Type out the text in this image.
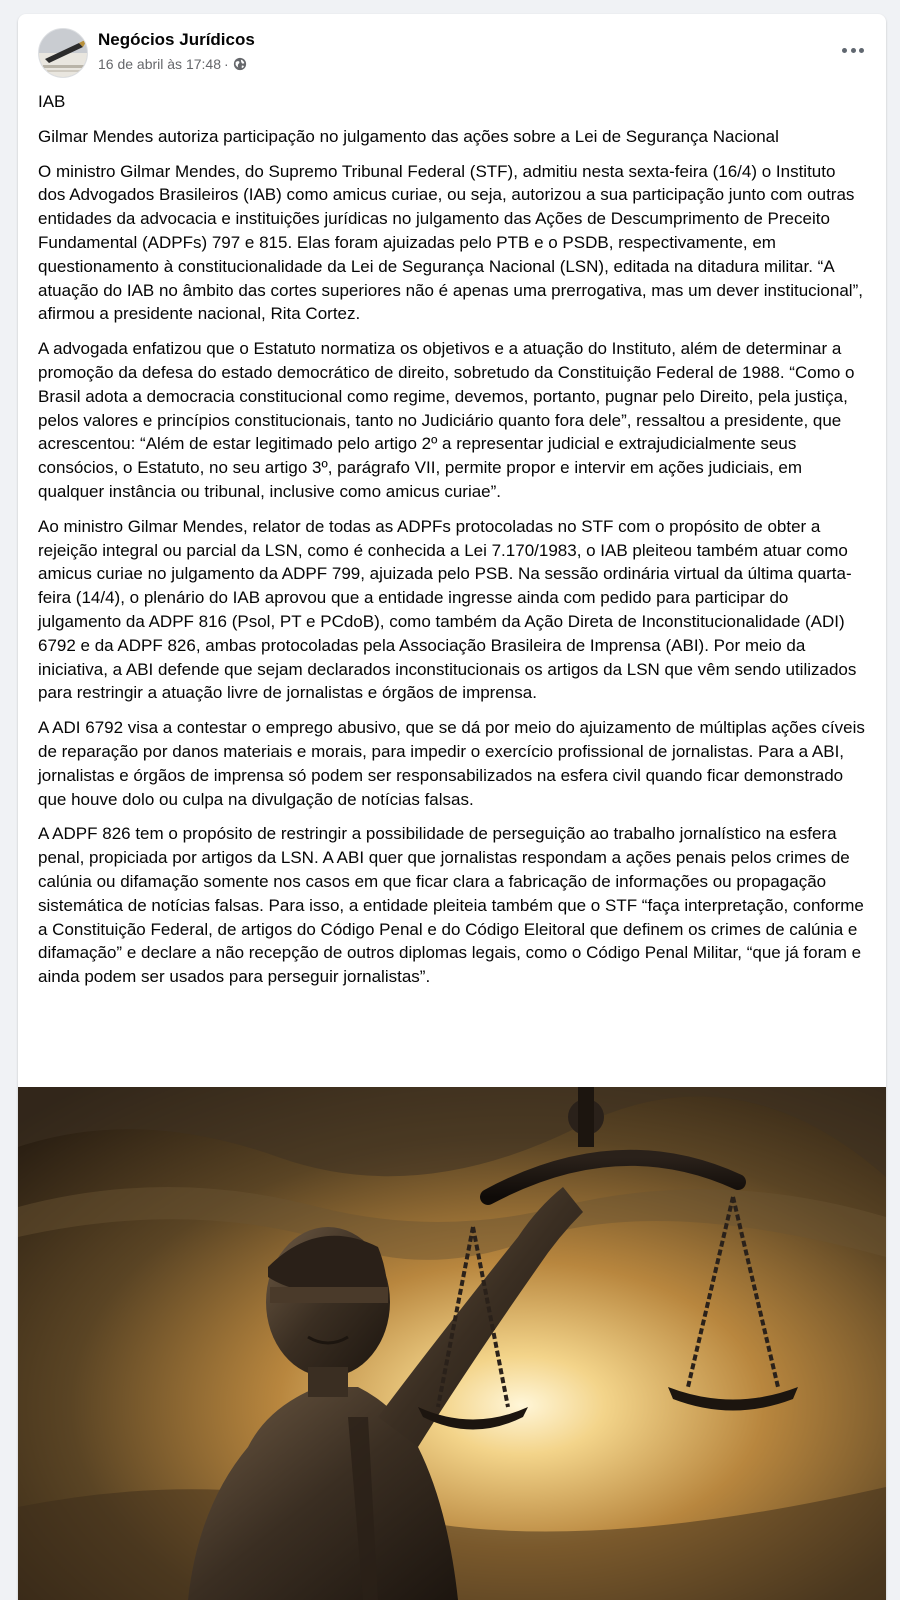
Negócios Jurídicos
16 de abril às 17:48 ·

IAB

Gilmar Mendes autoriza participação no julgamento das ações sobre a Lei de Segurança Nacional

O ministro Gilmar Mendes, do Supremo Tribunal Federal (STF), admitiu nesta sexta-feira (16/4) o Instituto dos Advogados Brasileiros (IAB) como amicus curiae, ou seja, autorizou a sua participação junto com outras entidades da advocacia e instituições jurídicas no julgamento das Ações de Descumprimento de Preceito Fundamental (ADPFs) 797 e 815. Elas foram ajuizadas pelo PTB e o PSDB, respectivamente, em questionamento à constitucionalidade da Lei de Segurança Nacional (LSN), editada na ditadura militar. “A atuação do IAB no âmbito das cortes superiores não é apenas uma prerrogativa, mas um dever institucional”, afirmou a presidente nacional, Rita Cortez.

A advogada enfatizou que o Estatuto normatiza os objetivos e a atuação do Instituto, além de determinar a promoção da defesa do estado democrático de direito, sobretudo da Constituição Federal de 1988. “Como o Brasil adota a democracia constitucional como regime, devemos, portanto, pugnar pelo Direito, pela justiça, pelos valores e princípios constitucionais, tanto no Judiciário quanto fora dele”, ressaltou a presidente, que acrescentou: “Além de estar legitimado pelo artigo 2º a representar judicial e extrajudicialmente seus consócios, o Estatuto, no seu artigo 3º, parágrafo VII, permite propor e intervir em ações judiciais, em qualquer instância ou tribunal, inclusive como amicus curiae”.

Ao ministro Gilmar Mendes, relator de todas as ADPFs protocoladas no STF com o propósito de obter a rejeição integral ou parcial da LSN, como é conhecida a Lei 7.170/1983, o IAB pleiteou também atuar como amicus curiae no julgamento da ADPF 799, ajuizada pelo PSB. Na sessão ordinária virtual da última quarta-feira (14/4), o plenário do IAB aprovou que a entidade ingresse ainda com pedido para participar do julgamento da ADPF 816 (Psol, PT e PCdoB), como também da Ação Direta de Inconstitucionalidade (ADI) 6792 e da ADPF 826, ambas protocoladas pela Associação Brasileira de Imprensa (ABI). Por meio da iniciativa, a ABI defende que sejam declarados inconstitucionais os artigos da LSN que vêm sendo utilizados para restringir a atuação livre de jornalistas e órgãos de imprensa.

A ADI 6792 visa a contestar o emprego abusivo, que se dá por meio do ajuizamento de múltiplas ações cíveis de reparação por danos materiais e morais, para impedir o exercício profissional de jornalistas. Para a ABI, jornalistas e órgãos de imprensa só podem ser responsabilizados na esfera civil quando ficar demonstrado que houve dolo ou culpa na divulgação de notícias falsas.

A ADPF 826 tem o propósito de restringir a possibilidade de perseguição ao trabalho jornalístico na esfera penal, propiciada por artigos da LSN. A ABI quer que jornalistas respondam a ações penais pelos crimes de calúnia ou difamação somente nos casos em que ficar clara a fabricação de informações ou propagação sistemática de notícias falsas. Para isso, a entidade pleiteia também que o STF “faça interpretação, conforme a Constituição Federal, de artigos do Código Penal e do Código Eleitoral que definem os crimes de calúnia e difamação” e declare a não recepção de outros diplomas legais, como o Código Penal Militar, “que já foram e ainda podem ser usados para perseguir jornalistas”.
